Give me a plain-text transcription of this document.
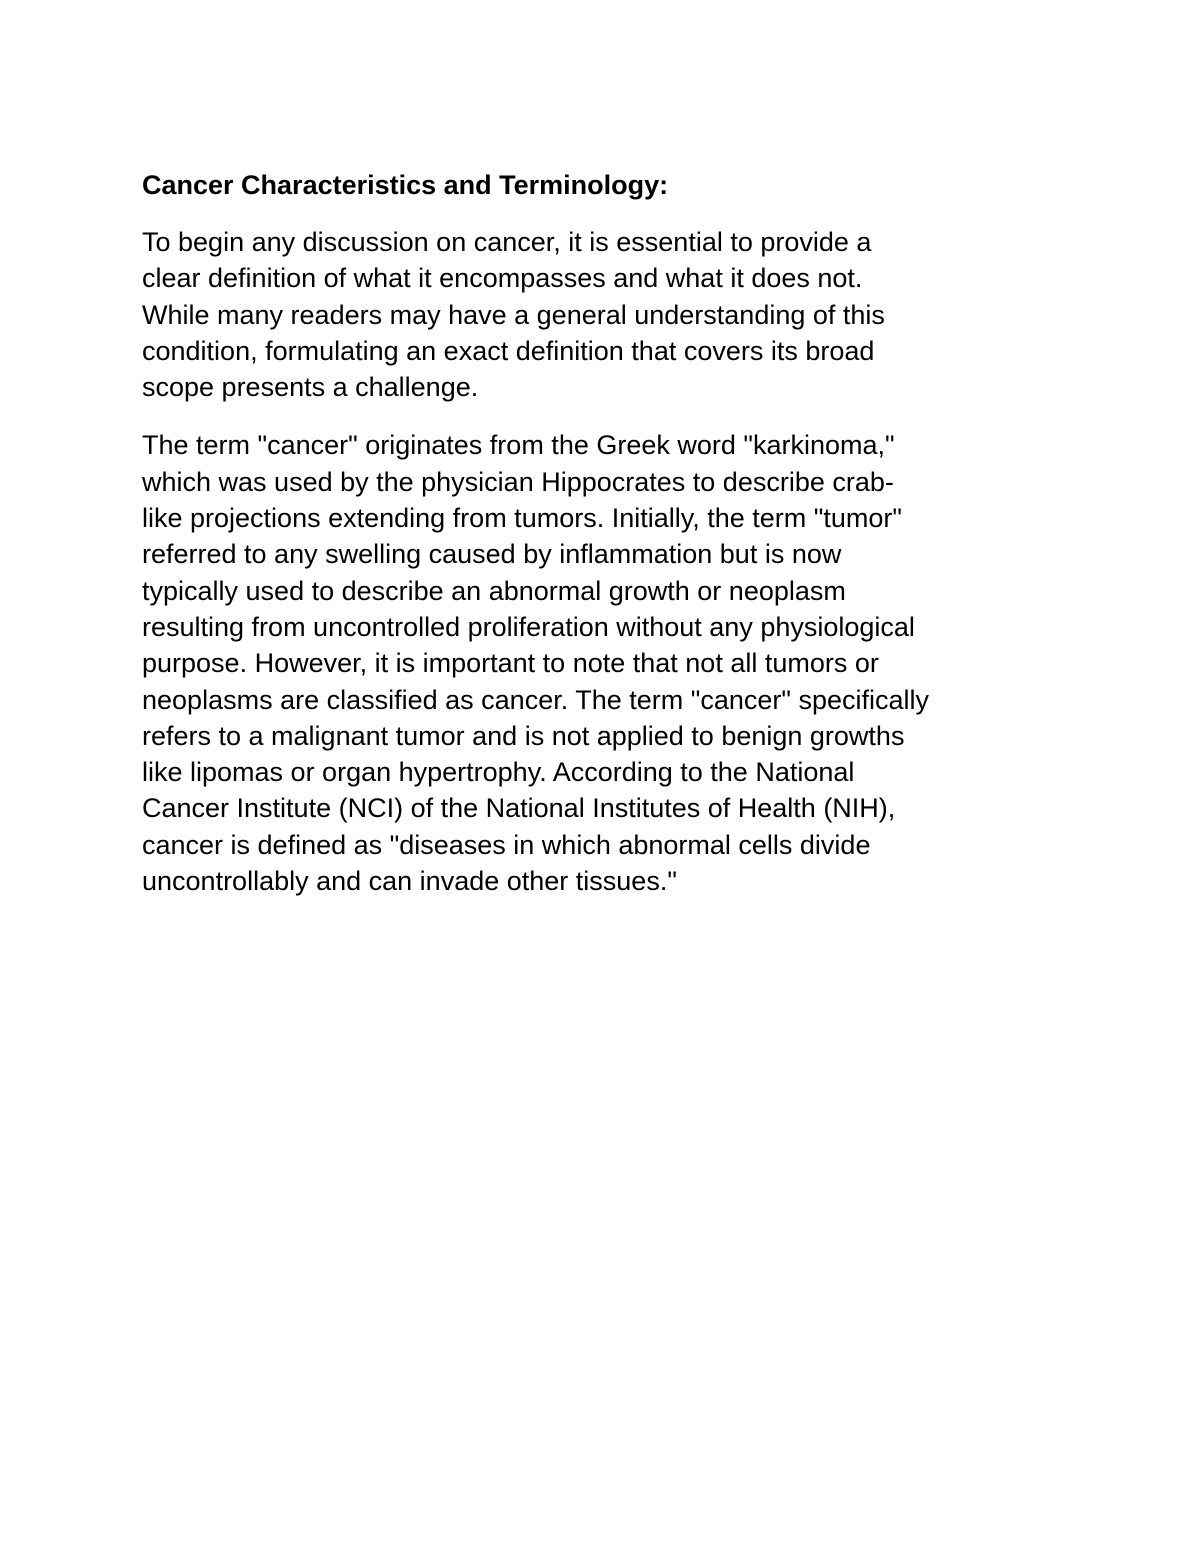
Cancer Characteristics and Terminology:
To begin any discussion on cancer, it is essential to provide a
clear definition of what it encompasses and what it does not.
While many readers may have a general understanding of this
condition, formulating an exact definition that covers its broad
scope presents a challenge.
The term "cancer" originates from the Greek word "karkinoma,"
which was used by the physician Hippocrates to describe crab-
like projections extending from tumors. Initially, the term "tumor"
referred to any swelling caused by inflammation but is now
typically used to describe an abnormal growth or neoplasm
resulting from uncontrolled proliferation without any physiological
purpose. However, it is important to note that not all tumors or
neoplasms are classified as cancer. The term "cancer" specifically
refers to a malignant tumor and is not applied to benign growths
like lipomas or organ hypertrophy. According to the National
Cancer Institute (NCI) of the National Institutes of Health (NIH),
cancer is defined as "diseases in which abnormal cells divide
uncontrollably and can invade other tissues."
